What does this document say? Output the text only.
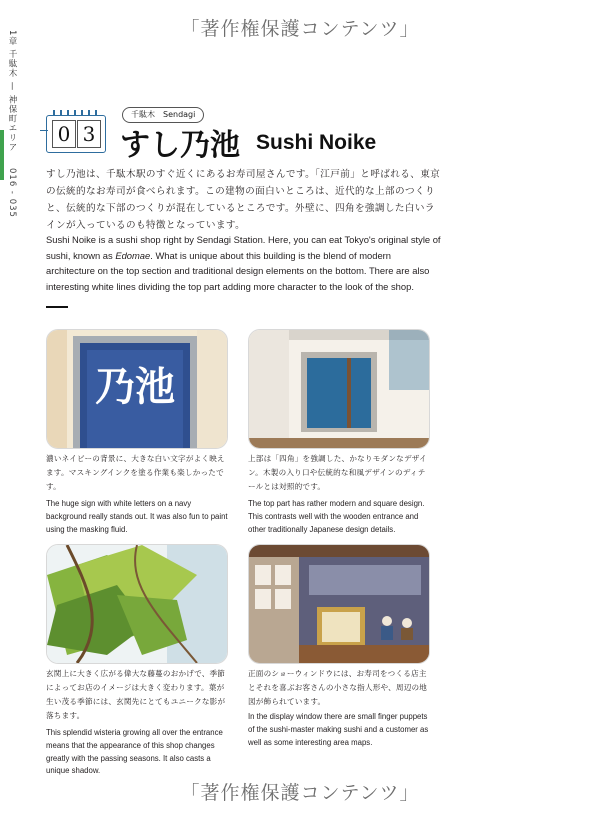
「著作権保護コンテンツ」
1章 千駄木 — 神保町エリア 016 - 035
0 3
千駄木　Sendagi
すし乃池 Sushi Noike

すし乃池は、千駄木駅のすぐ近くにあるお寿司屋さんです。「江戸前」と呼ばれる、東京の伝統的なお寿司が食べられます。この建物の面白いところは、近代的な上部のつくりと、伝統的な下部のつくりが混在しているところです。外壁に、四角を強調した白いラインが入っているのも特徴となっています。

Sushi Noike is a sushi shop right by Sendagi Station. Here, you can eat Tokyo's original style of sushi, known as Edomae. What is unique about this building is the blend of modern architecture on the top section and traditional design elements on the bottom. There are also interesting white lines dividing the top part adding more character to the look of the shop.

乃池

濃いネイビーの背景に、大きな白い文字がよく映えます。マスキングインクを塗る作業も楽しかったです。

The huge sign with white letters on a navy background really stands out. It was also fun to paint using the masking fluid.

上部は「四角」を強調した、かなりモダンなデザイン。木製の入り口や伝統的な和風デザインのディテールとは対照的です。

The top part has rather modern and square design. This contrasts well with the wooden entrance and other traditionally Japanese design details.

玄関上に大きく広がる偉大な藤蔓のおかげで、季節によってお店のイメージは大きく変わります。葉が生い茂る季節には、玄関先にとてもユニークな影が落ちます。

This splendid wisteria growing all over the entrance means that the appearance of this shop changes greatly with the passing seasons. It also casts a unique shadow.

正面のショーウィンドウには、お寿司をつくる店主とそれを喜ぶお客さんの小さな指人形や、周辺の地図が飾られています。

In the display window there are small finger puppets of the sushi-master making sushi and a customer as well as some interesting area maps.

「著作権保護コンテンツ」
